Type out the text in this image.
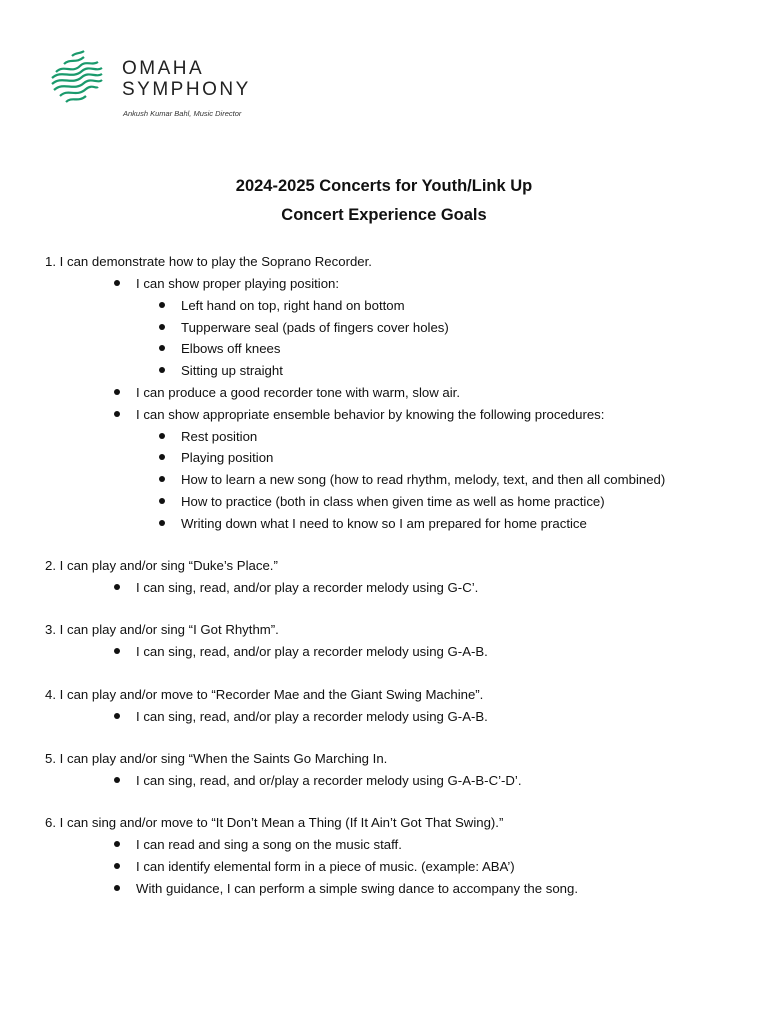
OMAHA
SYMPHONY
Ankush Kumar Bahl, Music Director
2024-2025 Concerts for Youth/Link Up
Concert Experience Goals
1. I can demonstrate how to play the Soprano Recorder.
I can show proper playing position:
Left hand on top, right hand on bottom
Tupperware seal (pads of fingers cover holes)
Elbows off knees
Sitting up straight
I can produce a good recorder tone with warm, slow air.
I can show appropriate ensemble behavior by knowing the following procedures:
Rest position
Playing position
How to learn a new song (how to read rhythm, melody, text, and then all combined)
How to practice (both in class when given time as well as home practice)
Writing down what I need to know so I am prepared for home practice
2. I can play and/or sing “Duke’s Place.”
I can sing, read, and/or play a recorder melody using G-C’.
3. I can play and/or sing “I Got Rhythm”.
I can sing, read, and/or play a recorder melody using G-A-B.
4. I can play and/or move to “Recorder Mae and the Giant Swing Machine”.
I can sing, read, and/or play a recorder melody using G-A-B.
5. I can play and/or sing “When the Saints Go Marching In.
I can sing, read, and or/play a recorder melody using G-A-B-C’-D’.
6. I can sing and/or move to “It Don’t Mean a Thing (If It Ain’t Got That Swing).”
I can read and sing a song on the music staff.
I can identify elemental form in a piece of music. (example: ABA’)
With guidance, I can perform a simple swing dance to accompany the song.
